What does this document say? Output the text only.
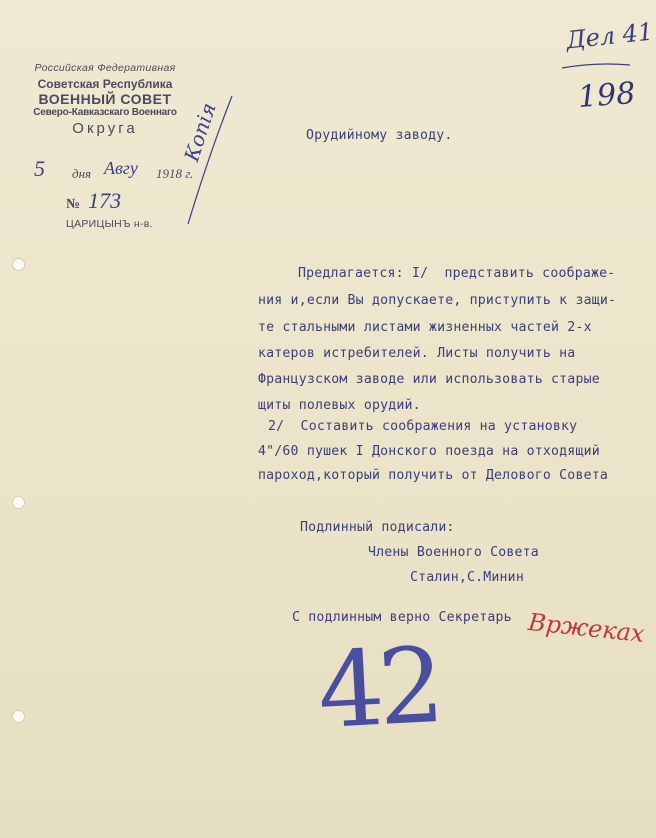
Российская Федеративная
Советская Республика
ВОЕННЫЙ СОВЕТ
Северо-Кавказскаго Военнаго
Округа
5 дня Авгу 1918 г.
№ 173
ЦАРИЦЫНЪ н-в.
Дел 41
198
Копія	Орудийному заводу.
Предлагается: I/  представить соображе-
ния и,если Вы допускаете, приступить к защи-
те стальными листами жизненных частей 2-х
катеров истребителей. Листы получить на
Французском заводе или использовать старые
щиты полевых орудий.
2/  Составить соображения на установку
4"/60 пушек I Донского поезда на отходящий
пароход,который получить от Делового Совета
Подлинный подисали:
Члены Военного Совета
Сталин,С.Минин
С подлинным верно Секретарь Вржеках
42
